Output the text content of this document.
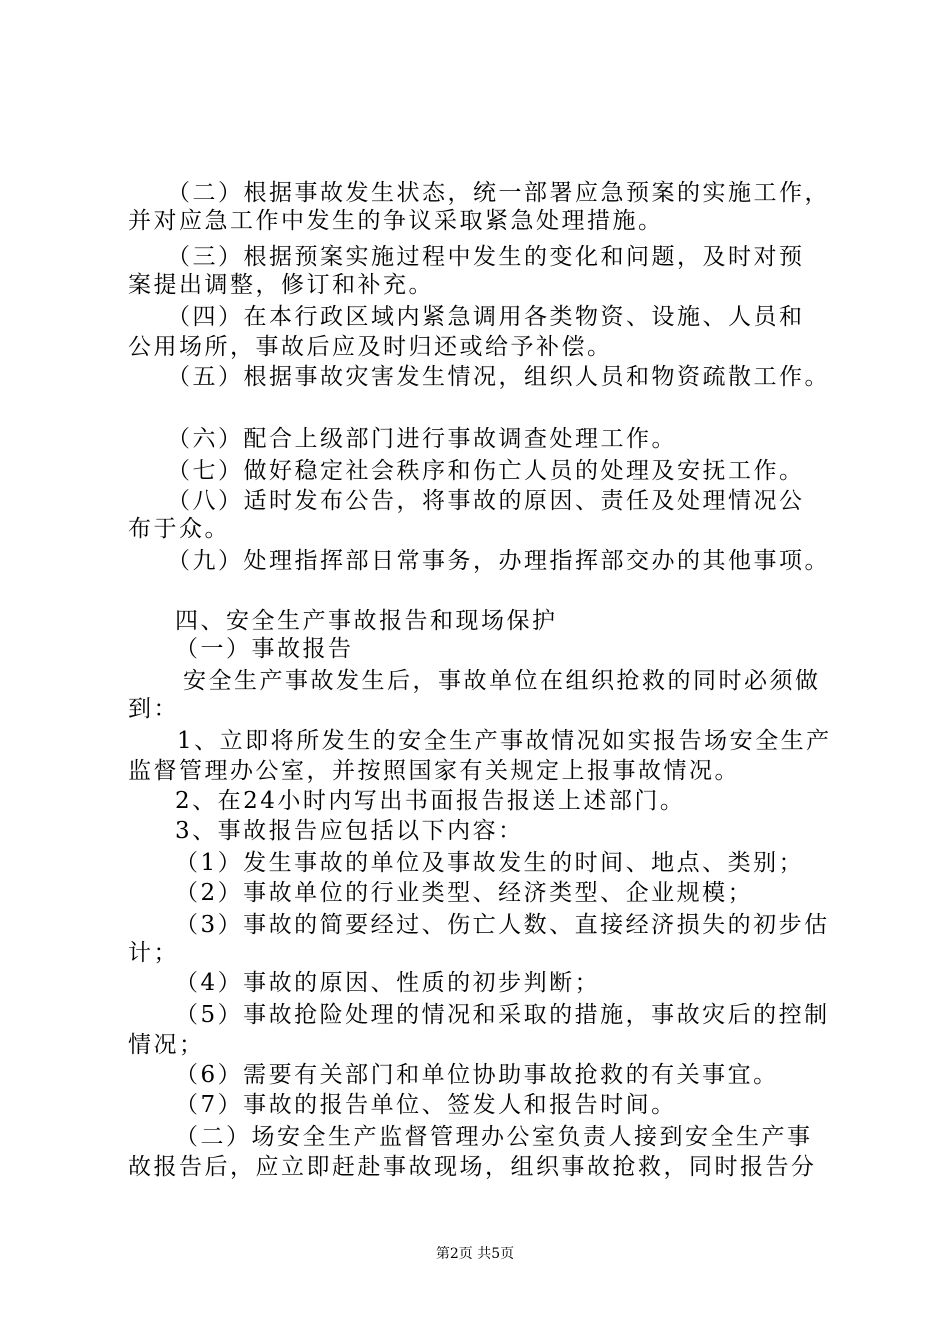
（二）根据事故发生状态，统一部署应急预案的实施工作，
并对应急工作中发生的争议采取紧急处理措施。
（三）根据预案实施过程中发生的变化和问题，及时对预
案提出调整，修订和补充。
（四）在本行政区域内紧急调用各类物资、设施、人员和
公用场所，事故后应及时归还或给予补偿。
（五）根据事故灾害发生情况，组织人员和物资疏散工作。
（六）配合上级部门进行事故调查处理工作。
（七）做好稳定社会秩序和伤亡人员的处理及安抚工作。
（八）适时发布公告，将事故的原因、责任及处理情况公
布于众。
（九）处理指挥部日常事务，办理指挥部交办的其他事项。
四、安全生产事故报告和现场保护
（一）事故报告
安全生产事故发生后，事故单位在组织抢救的同时必须做
到：
1、立即将所发生的安全生产事故情况如实报告场安全生产
监督管理办公室，并按照国家有关规定上报事故情况。
2、在24小时内写出书面报告报送上述部门。
3、事故报告应包括以下内容：
（1）发生事故的单位及事故发生的时间、地点、类别；
（2）事故单位的行业类型、经济类型、企业规模；
（3）事故的简要经过、伤亡人数、直接经济损失的初步估
计；
（4）事故的原因、性质的初步判断；
（5）事故抢险处理的情况和采取的措施，事故灾后的控制
情况；
（6）需要有关部门和单位协助事故抢救的有关事宜。
（7）事故的报告单位、签发人和报告时间。
（二）场安全生产监督管理办公室负责人接到安全生产事
故报告后，应立即赶赴事故现场，组织事故抢救，同时报告分
第2页 共5页
